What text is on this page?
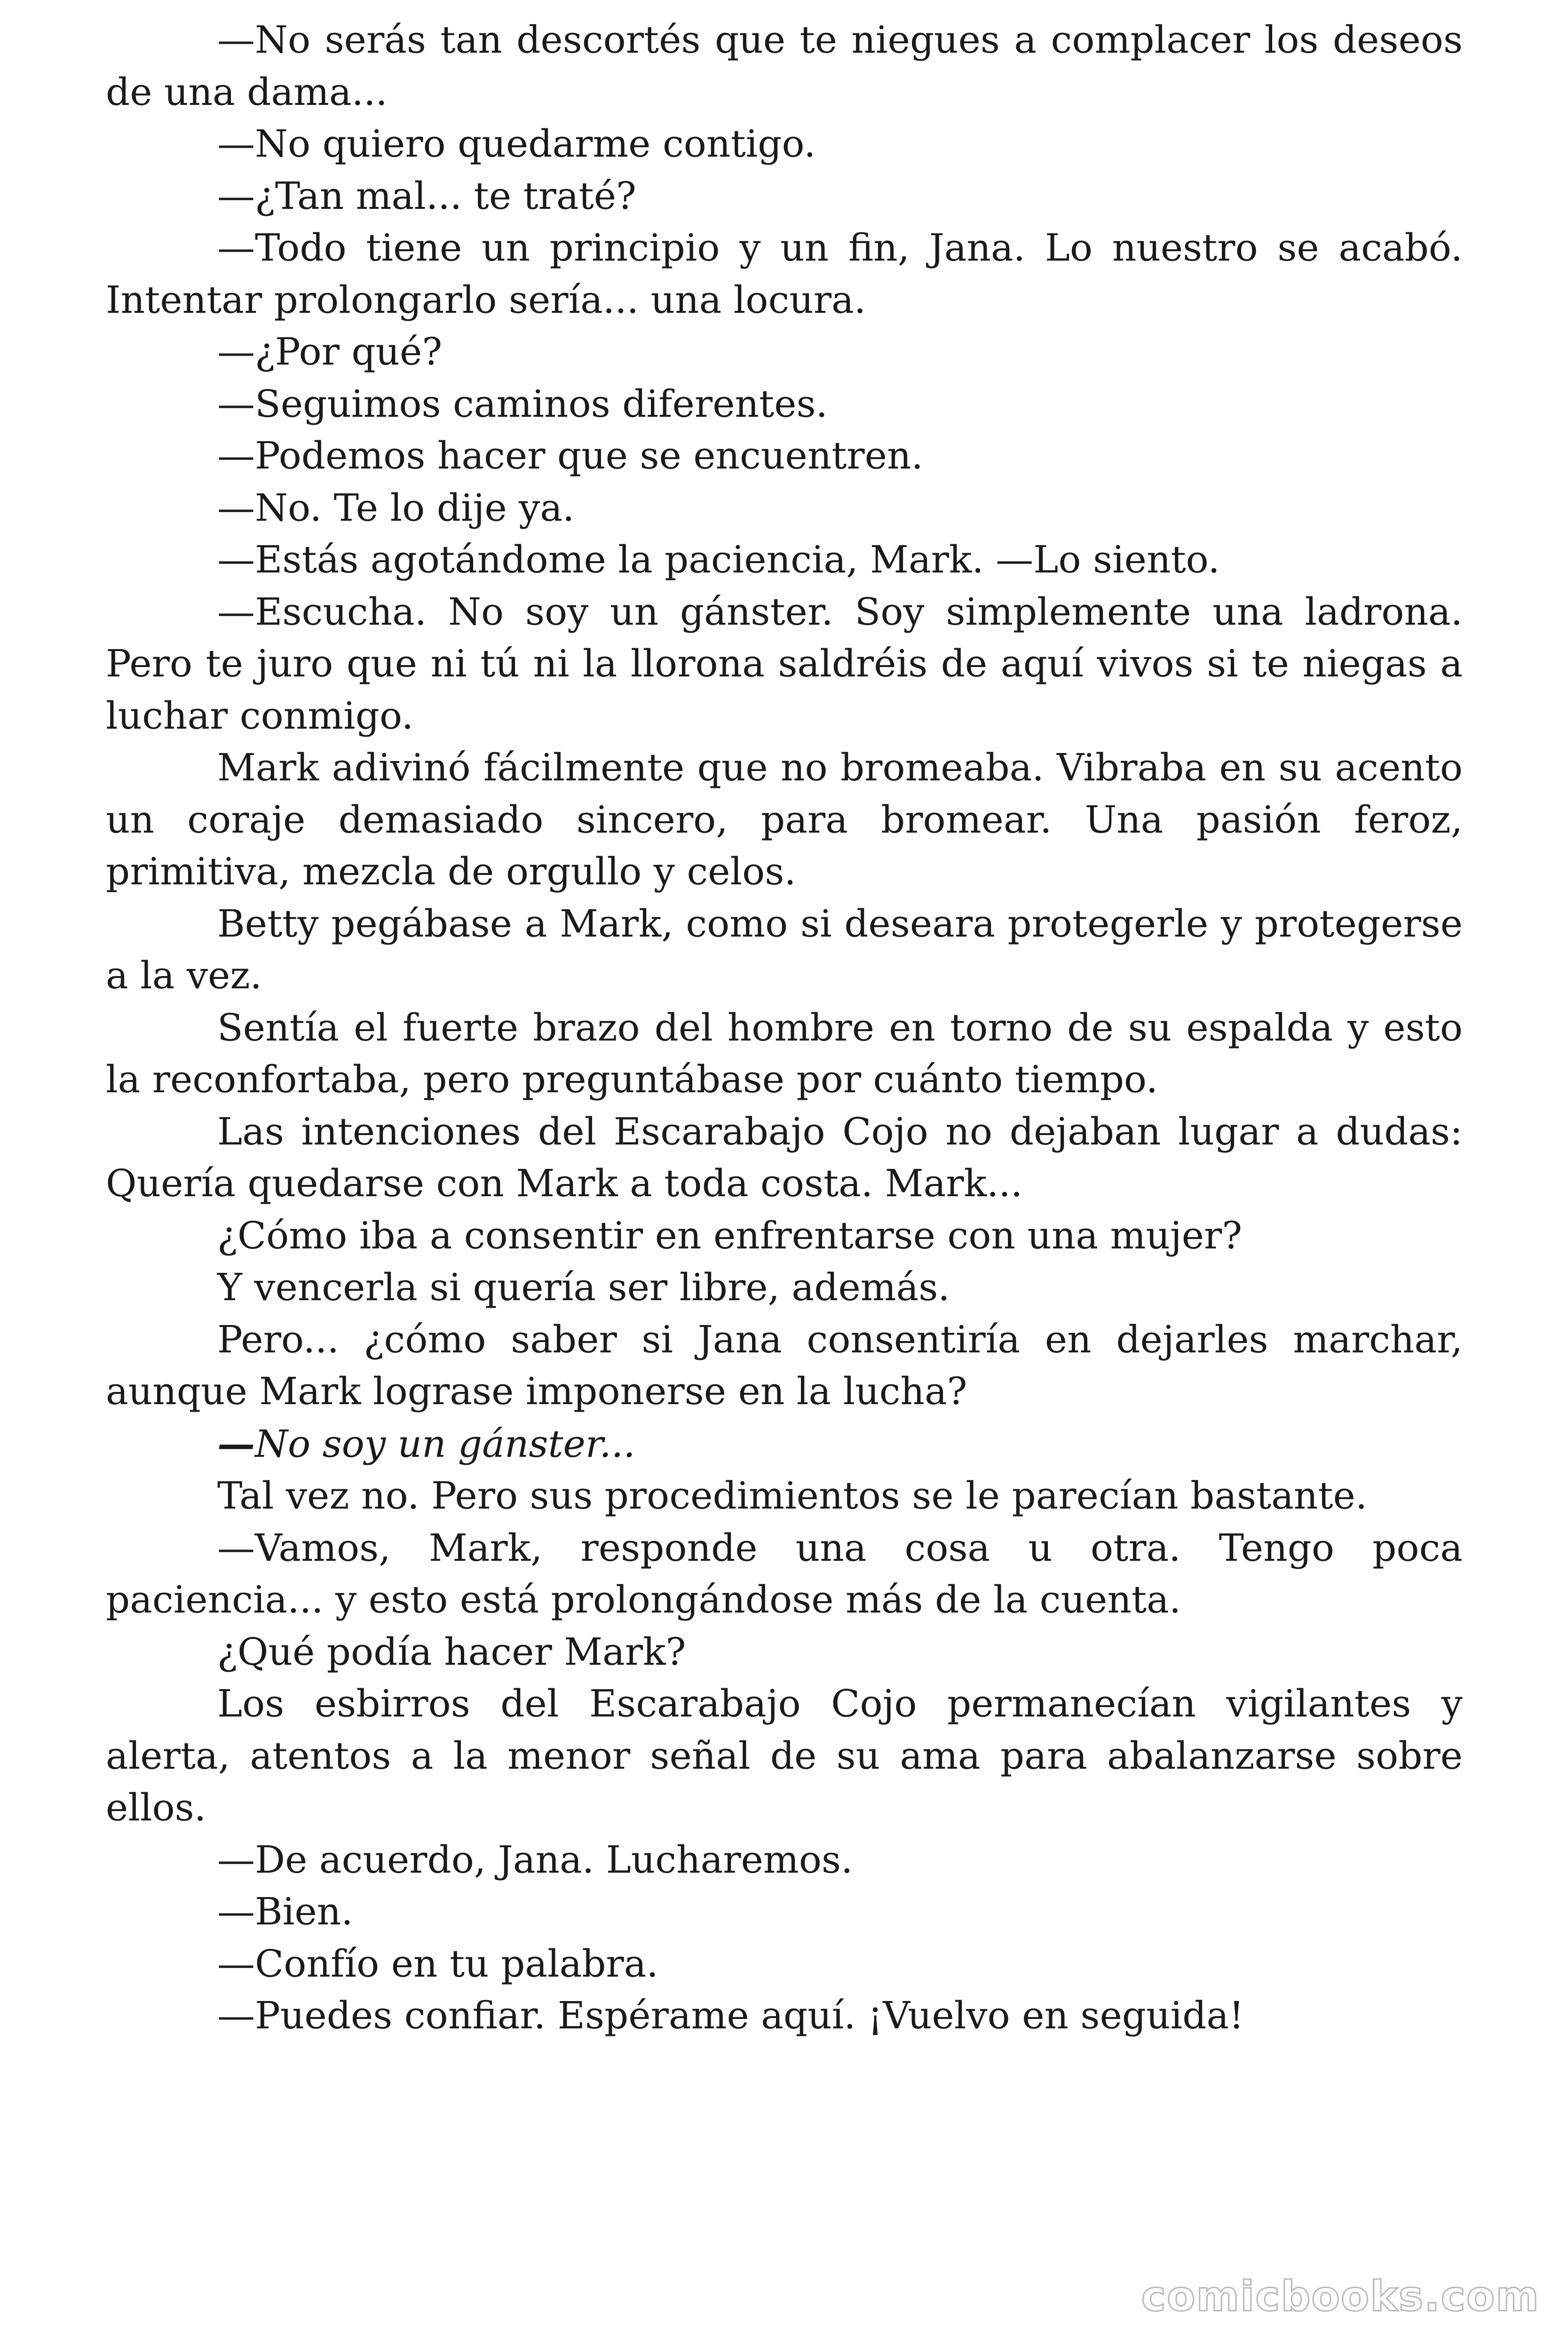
—No serás tan descortés que te niegues a complacer los deseos de una dama...

—No quiero quedarme contigo.

—¿Tan mal... te traté?

—Todo tiene un principio y un fin, Jana. Lo nuestro se acabó. Intentar prolongarlo sería... una locura.

—¿Por qué?

—Seguimos caminos diferentes.

—Podemos hacer que se encuentren.

—No. Te lo dije ya.

—Estás agotándome la paciencia, Mark. —Lo siento.

—Escucha. No soy un gánster. Soy simplemente una ladrona. Pero te juro que ni tú ni la llorona saldréis de aquí vivos si te niegas a luchar conmigo.

Mark adivinó fácilmente que no bromeaba. Vibraba en su acento un coraje demasiado sincero, para bromear. Una pasión feroz, primitiva, mezcla de orgullo y celos.

Betty pegábase a Mark, como si deseara protegerle y protegerse a la vez.

Sentía el fuerte brazo del hombre en torno de su espalda y esto la reconfortaba, pero preguntábase por cuánto tiempo.

Las intenciones del Escarabajo Cojo no dejaban lugar a dudas: Quería quedarse con Mark a toda costa. Mark...

¿Cómo iba a consentir en enfrentarse con una mujer?

Y vencerla si quería ser libre, además.

Pero... ¿cómo saber si Jana consentiría en dejarles marchar, aunque Mark lograse imponerse en la lucha?

—No soy un gánster...

Tal vez no. Pero sus procedimientos se le parecían bastante.

—Vamos, Mark, responde una cosa u otra. Tengo poca paciencia... y esto está prolongándose más de la cuenta.

¿Qué podía hacer Mark?

Los esbirros del Escarabajo Cojo permanecían vigilantes y alerta, atentos a la menor señal de su ama para abalanzarse sobre ellos.

—De acuerdo, Jana. Lucharemos.

—Bien.

—Confío en tu palabra.

—Puedes confiar. Espérame aquí. ¡Vuelvo en seguida!

comicbooks.com
